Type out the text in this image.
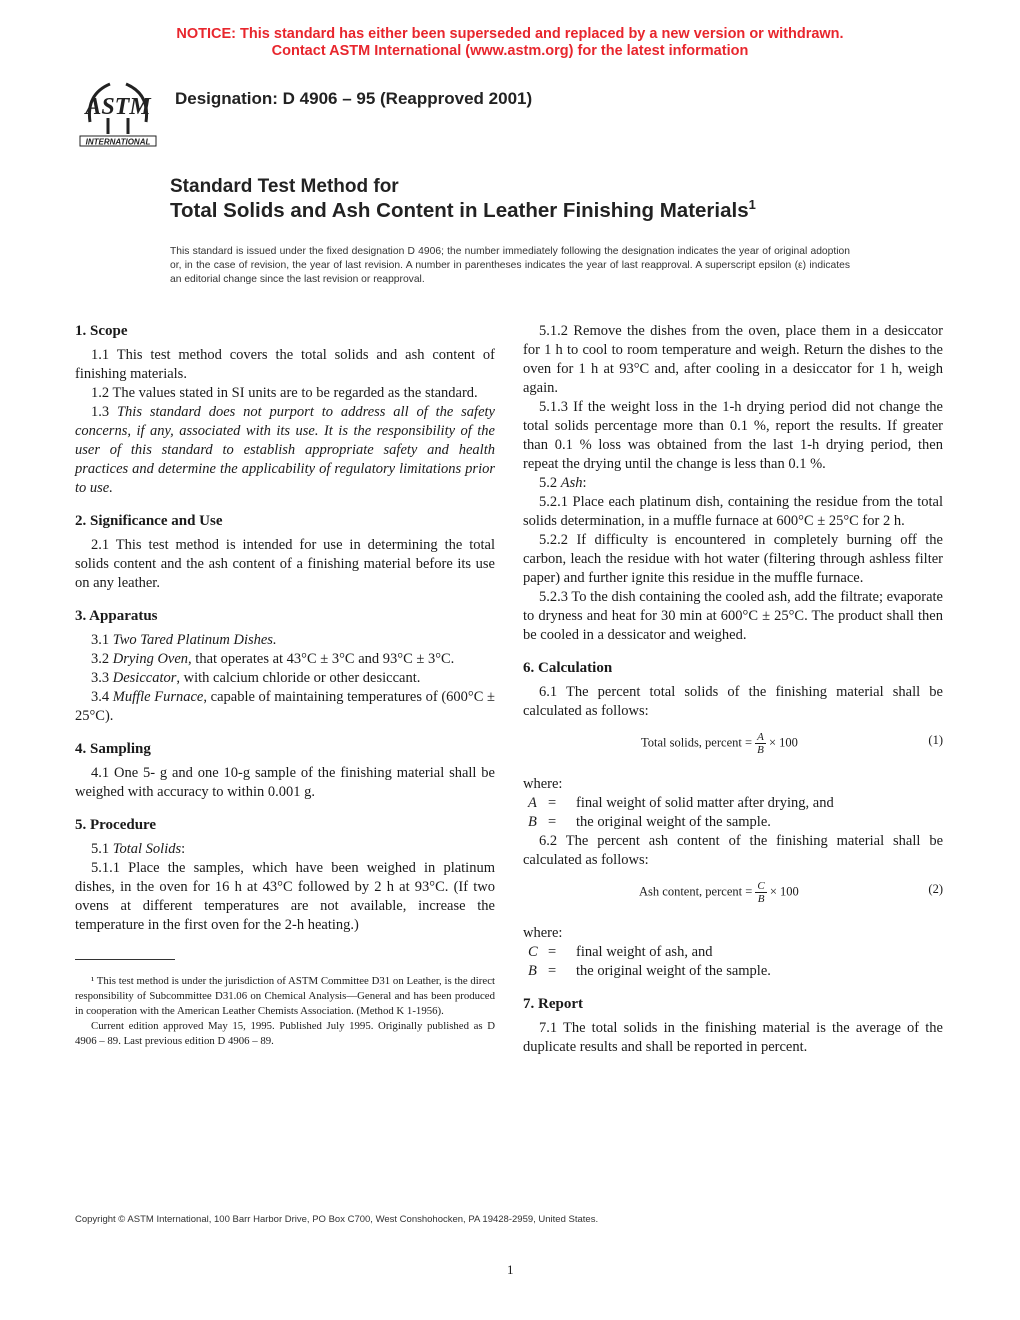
NOTICE: This standard has either been superseded and replaced by a new version or withdrawn.
Contact ASTM International (www.astm.org) for the latest information
ASTM
INTERNATIONAL
Designation: D 4906 – 95 (Reapproved 2001)
Standard Test Method for
Total Solids and Ash Content in Leather Finishing Materials$^1$
This standard is issued under the fixed designation D 4906; the number immediately following the designation indicates the year of original adoption or, in the case of revision, the year of last revision. A number in parentheses indicates the year of last reapproval. A superscript epsilon (ε) indicates an editorial change since the last revision or reapproval.
1. Scope

1.1 This test method covers the total solids and ash content of finishing materials.

1.2 The values stated in SI units are to be regarded as the standard.

1.3 This standard does not purport to address all of the safety concerns, if any, associated with its use. It is the responsibility of the user of this standard to establish appropriate safety and health practices and determine the applicability of regulatory limitations prior to use.

2. Significance and Use

2.1 This test method is intended for use in determining the total solids content and the ash content of a finishing material before its use on any leather.

3. Apparatus

3.1 Two Tared Platinum Dishes.

3.2 Drying Oven, that operates at 43°C ± 3°C and 93°C ± 3°C.

3.3 Desiccator, with calcium chloride or other desiccant.

3.4 Muffle Furnace, capable of maintaining temperatures of (600°C ± 25°C).

4. Sampling

4.1 One 5- g and one 10-g sample of the finishing material shall be weighed with accuracy to within 0.001 g.

5. Procedure

5.1 Total Solids:

5.1.1 Place the samples, which have been weighed in platinum dishes, in the oven for 16 h at 43°C followed by 2 h at 93°C. (If two ovens at different temperatures are not available, increase the temperature in the first oven for the 2-h heating.)

¹ This test method is under the jurisdiction of ASTM Committee D31 on Leather, is the direct responsibility of Subcommittee D31.06 on Chemical Analysis—General and has been produced in cooperation with the American Leather Chemists Association. (Method K 1-1956).

Current edition approved May 15, 1995. Published July 1995. Originally published as D 4906 – 89. Last previous edition D 4906 – 89.

5.1.2 Remove the dishes from the oven, place them in a desiccator for 1 h to cool to room temperature and weigh. Return the dishes to the oven for 1 h at 93°C and, after cooling in a desiccator for 1 h, weigh again.

5.1.3 If the weight loss in the 1-h drying period did not change the total solids percentage more than 0.1 %, report the results. If greater than 0.1 % loss was obtained from the last 1-h drying period, then repeat the drying until the change is less than 0.1 %.

5.2 Ash:

5.2.1 Place each platinum dish, containing the residue from the total solids determination, in a muffle furnace at 600°C ± 25°C for 2 h.

5.2.2 If difficulty is encountered in completely burning off the carbon, leach the residue with hot water (filtering through ashless filter paper) and further ignite this residue in the muffle furnace.

5.2.3 To the dish containing the cooled ash, add the filtrate; evaporate to dryness and heat for 30 min at 600°C ± 25°C. The product shall then be cooled in a dessicator and weighed.

6. Calculation

6.1 The percent total solids of the finishing material shall be calculated as follows:

Total solids, percent = $\frac{A}{B} \times 100$	(1)
where:
A =	final weight of solid matter after drying, and
B =	the original weight of the sample.

6.2 The percent ash content of the finishing material shall be calculated as follows:

Ash content, percent = $\frac{C}{B} \times 100$	(2)
where:
C =	final weight of ash, and
B =	the original weight of the sample.
7. Report

7.1 The total solids in the finishing material is the average of the duplicate results and shall be reported in percent.

Copyright © ASTM International, 100 Barr Harbor Drive, PO Box C700, West Conshohocken, PA 19428-2959, United States.
1
